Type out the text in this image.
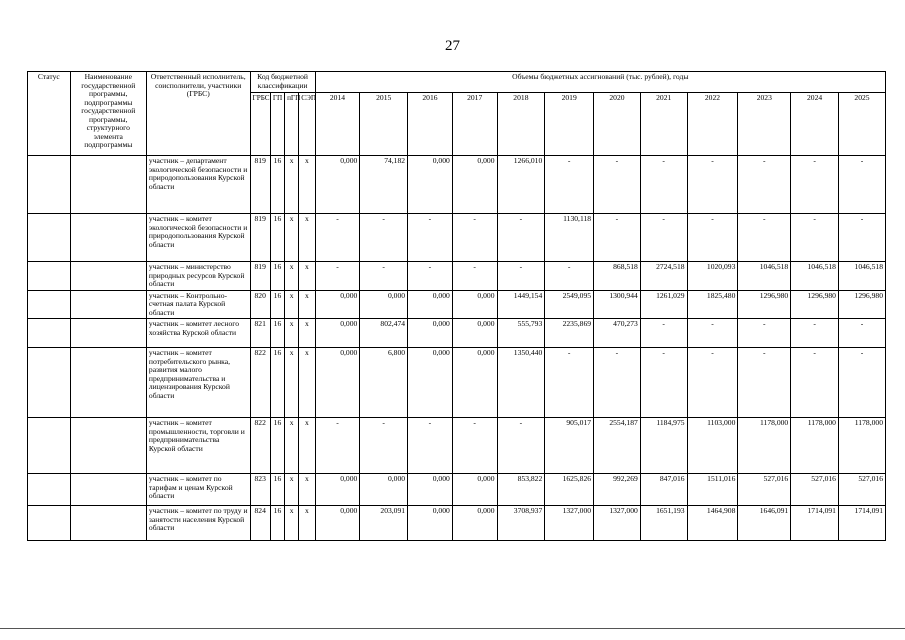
27
Статус	Наименование государственной программы, подпрограммы государственной программы, структурного элемента подпрограммы	Ответственный исполнитель, соисполнители, участники (ГРБС)	Код бюджетной классификации				Объемы бюджетных ассигнований (тыс. рублей), годы											
			ГРБС	ГП	пГП	СЭП	2014	2015	2016	2017	2018	2019	2020	2021	2022	2023	2024	2025
		участник – департамент экологической безопасности и природопользования Курской области	819	16	х	х	0,000	74,182	0,000	0,000	1266,010	-	-	-	-	-	-	-
		участник – комитет экологической безопасности и природопользования Курской области	819	16	х	х	-	-	-	-	-	1130,118	-	-	-	-	-	-
		участник – министерство природных ресурсов Курской области	819	16	х	х	-	-	-	-	-	-	868,518	2724,518	1020,093	1046,518	1046,518	1046,518
		участник – Контрольно-счетная палата Курской области	820	16	х	х	0,000	0,000	0,000	0,000	1449,154	2549,095	1300,944	1261,029	1825,480	1296,980	1296,980	1296,980
		участник – комитет лесного хозяйства Курской области	821	16	х	х	0,000	802,474	0,000	0,000	555,793	2235,869	470,273	-	-	-	-	-
		участник – комитет потребительского рынка, развития малого предпринимательства и лицензирования Курской области	822	16	х	х	0,000	6,800	0,000	0,000	1350,440	-	-	-	-	-	-	-
		участник – комитет промышленности, торговли и предпринимательства Курской области	822	16	х	х	-	-	-	-	-	905,017	2554,187	1184,975	1103,000	1178,000	1178,000	1178,000
		участник – комитет по тарифам и ценам Курской области	823	16	х	х	0,000	0,000	0,000	0,000	853,822	1625,826	992,269	847,016	1511,016	527,016	527,016	527,016
		участник – комитет по труду и занятости населения Курской области	824	16	х	х	0,000	203,091	0,000	0,000	3708,937	1327,000	1327,000	1651,193	1464,908	1646,091	1714,091	1714,091
